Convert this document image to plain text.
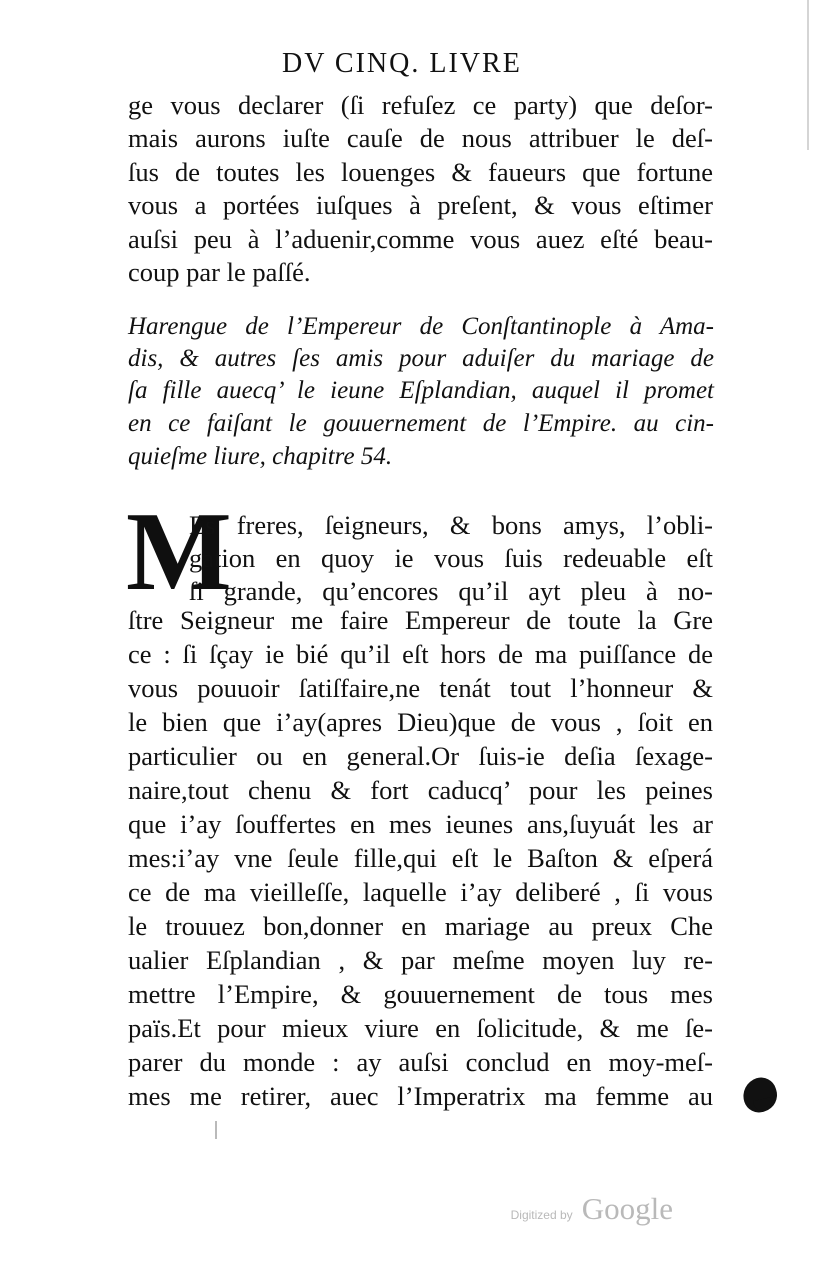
DV CINQ. LIVRE
ge vous declarer (ſi refuſez ce party) que deſor-
mais aurons iuſte cauſe de nous attribuer le deſ-
ſus de toutes les louenges & faueurs que fortune
vous a portées iuſques à preſent, & vous eſtimer
auſsi peu à l’aduenir,comme vous auez eſté beau-
coup par le paſſé.
Harengue de l’Empereur de Conſtantinople à Ama-
dis, & autres ſes amis pour aduiſer du mariage de
ſa fille auecq’ le ieune Eſplandian, auquel il promet
en ce faiſant le gouuernement de l’Empire. au cin-
quieſme liure, chapitre 54.
M
Es freres, ſeigneurs, & bons amys, l’obli-
gation en quoy ie vous ſuis redeuable eſt
ſi grande, qu’encores qu’il ayt pleu à no-
ſtre Seigneur me faire Empereur de toute la Gre
ce : ſi ſçay ie bié qu’il eſt hors de ma puiſſance de
vous pouuoir ſatiſfaire,ne tenát tout l’honneur &
le bien que i’ay(apres Dieu)que de vous , ſoit en
particulier ou en general.Or ſuis-ie deſia ſexage-
naire,tout chenu & fort caducq’ pour les peines
que i’ay ſouffertes en mes ieunes ans,ſuyuát les ar
mes:i’ay vne ſeule fille,qui eſt le Baſton & eſperá
ce de ma vieilleſſe, laquelle i’ay deliberé , ſi vous
le trouuez bon,donner en mariage au preux Che
ualier Eſplandian , & par meſme moyen luy re-
mettre l’Empire, & gouuernement de tous mes
païs.Et pour mieux viure en ſolicitude, & me ſe-
parer du monde : ay auſsi conclud en moy-meſ-
mes me retirer, auec l’Imperatrix ma femme au
Digitized by Google
